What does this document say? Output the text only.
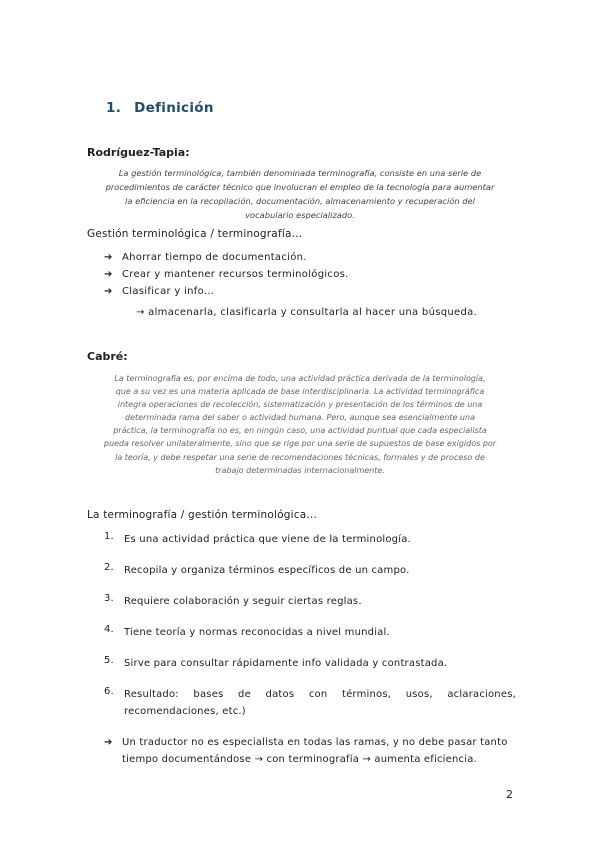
1. Definición
Rodríguez-Tapia:
La gestión terminológica, también denominada terminografía, consiste en una serie de
procedimientos de carácter técnico que involucran el empleo de la tecnología para aumentar
la eficiencia en la recopilación, documentación, almacenamiento y recuperación del
vocabulario especializado.
Gestión terminológica / terminografía…
➔ Ahorrar tiempo de documentación.
➔ Crear y mantener recursos terminológicos.
➔ Clasificar y info…
→ almacenarla, clasificarla y consultarla al hacer una búsqueda.
Cabré:
La terminografía es, por encima de todo, una actividad práctica derivada de la terminología,
que a su vez es una materia aplicada de base interdisciplinaria. La actividad terminográfica
integra operaciones de recolección, sistematización y presentación de los términos de una
determinada rama del saber o actividad humana. Pero, aunque sea esencialmente una
práctica, la terminografía no es, en ningún caso, una actividad puntual que cada especialista
pueda resolver unilateralmente, sino que se rige por una serie de supuestos de base exigidos por
la teoría, y debe respetar una serie de recomendaciones técnicas, formales y de proceso de
trabajo determinadas internacionalmente.
La terminografía / gestión terminológica…
1.	Es una actividad práctica que viene de la terminología.
2.	Recopila y organiza términos específicos de un campo.
3.	Requiere colaboración y seguir ciertas reglas.
4.	Tiene teoría y normas reconocidas a nivel mundial.
5.	Sirve para consultar rápidamente info validada y contrastada.
6.	Resultado: bases de datos con términos, usos, aclaraciones,
recomendaciones, etc.)
➔ Un traductor no es especialista en todas las ramas, y no debe pasar tanto
tiempo documentándose → con terminografía → aumenta eficiencia.
2
